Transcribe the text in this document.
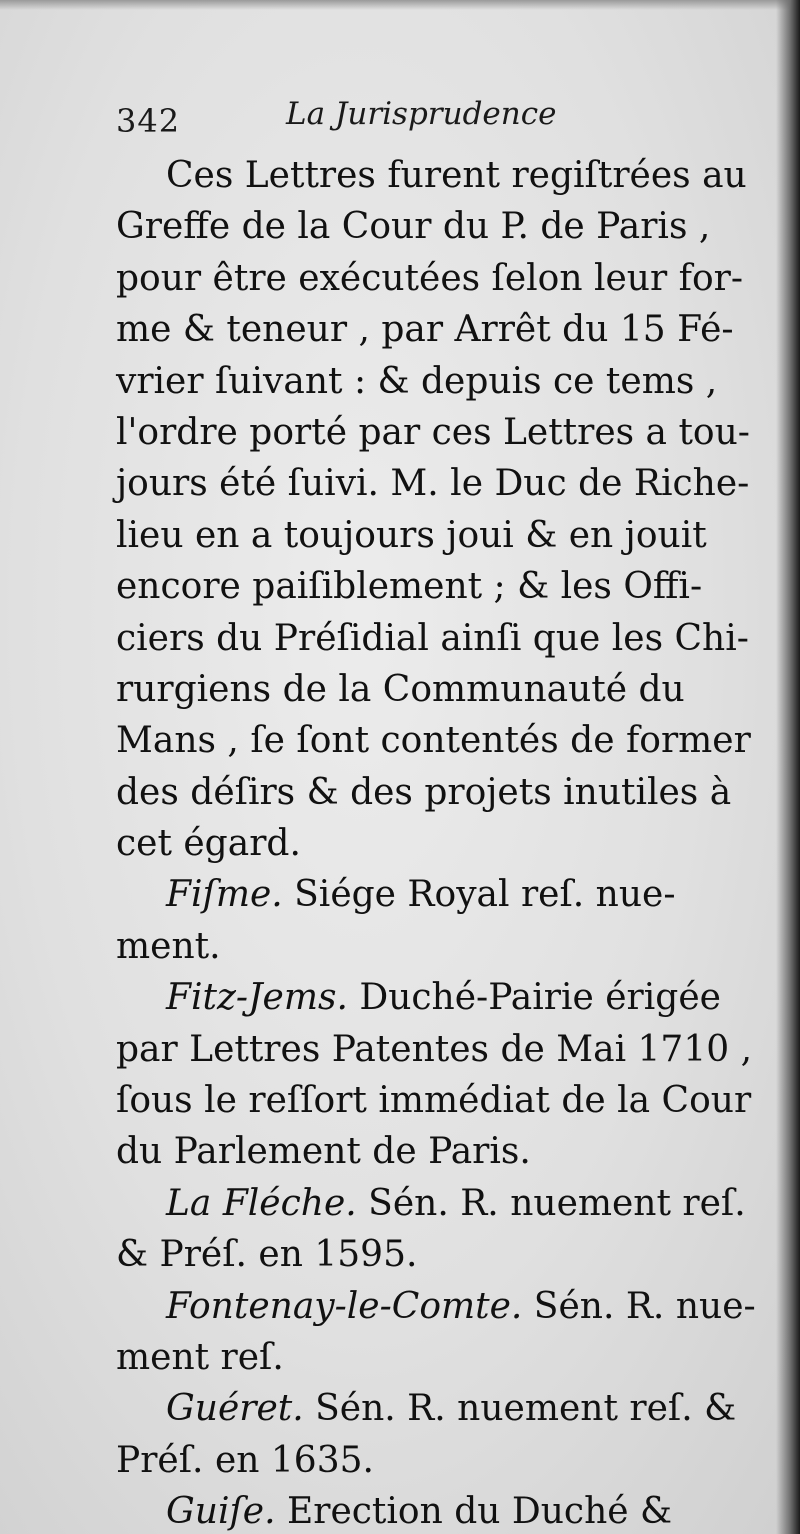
342	La Jurisprudence
Ces Lettres furent regiſtrées au
Greffe de la Cour du P. de Paris ,
pour être exécutées ſelon leur for-
me & teneur , par Arrêt du 15 Fé-
vrier ſuivant : & depuis ce tems ,
l'ordre porté par ces Lettres a tou-
jours été ſuivi. M. le Duc de Riche-
lieu en a toujours joui & en jouit
encore paiſiblement ; & les Offi-
ciers du Préſidial ainſi que les Chi-
rurgiens de la Communauté du
Mans , ſe ſont contentés de former
des déſirs & des projets inutiles à
cet égard.
Fiſme. Siége Royal reſ. nue-
ment.
Fitz-Jems. Duché-Pairie érigée
par Lettres Patentes de Mai 1710 ,
ſous le reſſort immédiat de la Cour
du Parlement de Paris.
La Fléche. Sén. R. nuement reſ.
& Préſ. en 1595.
Fontenay-le-Comte. Sén. R. nue-
ment reſ.
Guéret. Sén. R. nuement reſ. &
Préſ. en 1635.
Guiſe. Erection du Duché &
